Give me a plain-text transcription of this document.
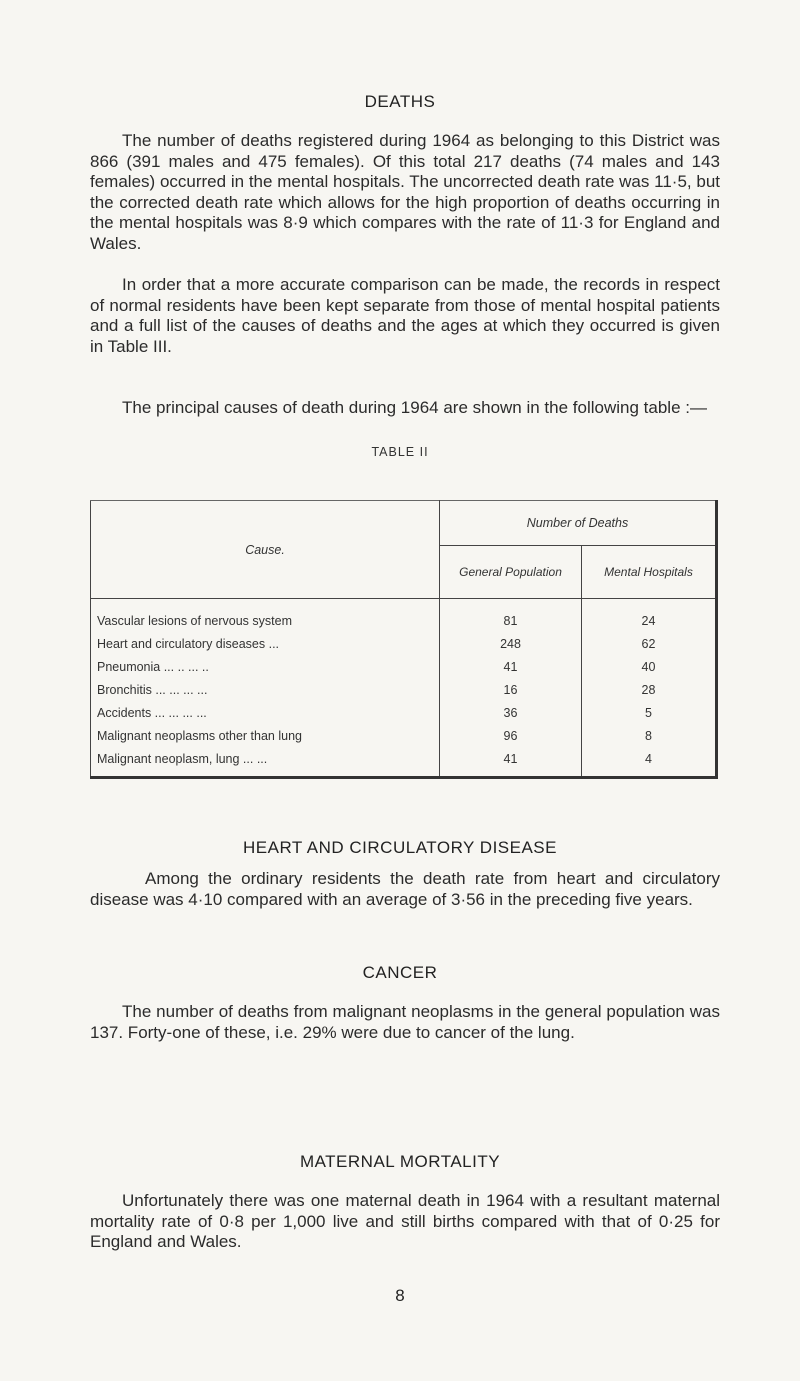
DEATHS
The number of deaths registered during 1964 as belonging to this District was 866 (391 males and 475 females). Of this total 217 deaths (74 males and 143 females) occurred in the mental hospitals. The uncorrected death rate was 11·5, but the corrected death rate which allows for the high proportion of deaths occurring in the mental hospitals was 8·9 which compares with the rate of 11·3 for England and Wales.
In order that a more accurate comparison can be made, the records in respect of normal residents have been kept separate from those of mental hospital patients and a full list of the causes of deaths and the ages at which they occurred is given in Table III.
The principal causes of death during 1964 are shown in the following table :—
TABLE II
Cause.	Number of Deaths	
	General Population	Mental Hospitals
Vascular lesions of nervous system	81	24
Heart and circulatory diseases ...	248	62
Pneumonia ... .. ... ..	41	40
Bronchitis ... ... ... ...	16	28
Accidents ... ... ... ...	36	5
Malignant neoplasms other than lung	96	8
Malignant neoplasm, lung ... ...	41	4
HEART AND CIRCULATORY DISEASE
Among the ordinary residents the death rate from heart and circulatory disease was 4·10 compared with an average of 3·56 in the preceding five years.
CANCER
The number of deaths from malignant neoplasms in the general population was 137. Forty-one of these, i.e. 29% were due to cancer of the lung.
MATERNAL MORTALITY
Unfortunately there was one maternal death in 1964 with a resultant maternal mortality rate of 0·8 per 1,000 live and still births compared with that of 0·25 for England and Wales.
8
